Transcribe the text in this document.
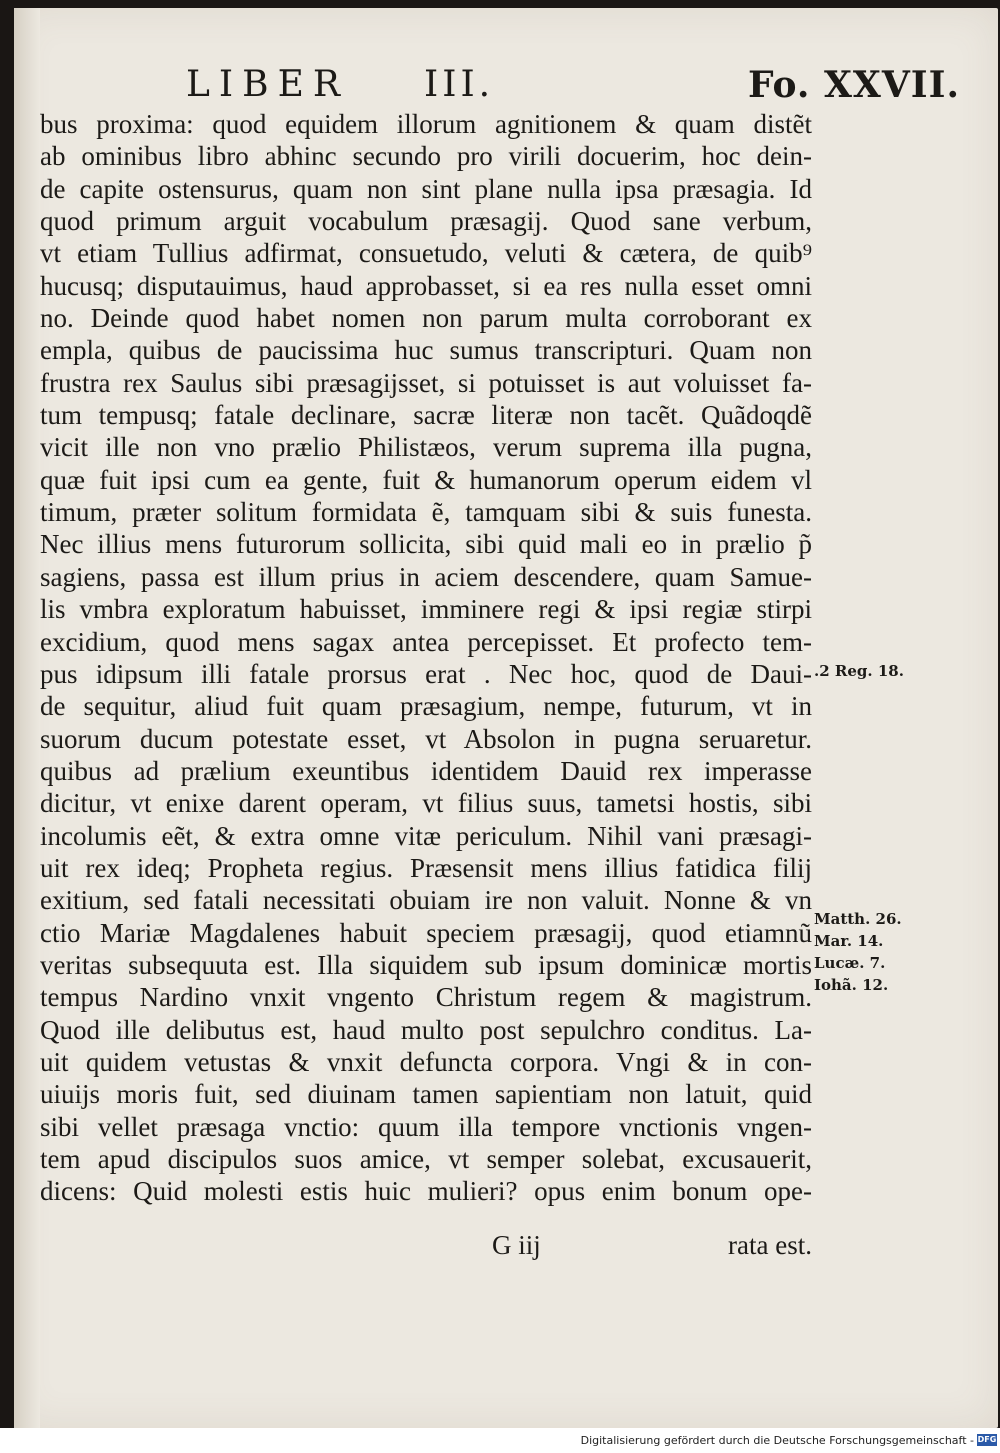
LIBER III.	Fo. XXVII.
bus proxima: quod equidem illorum agnitionem & quam distẽt
ab ominibus libro abhinc secundo pro virili docuerim, hoc dein-
de capite ostensurus, quam non sint plane nulla ipsa præsagia. Id
quod primum arguit vocabulum præsagij. Quod sane verbum,
vt etiam Tullius adfirmat, consuetudo, veluti & cætera, de quib⁹
hucusq; disputauimus, haud approbasset, si ea res nulla esset omni
no. Deinde quod habet nomen non parum multa corroborant ex
empla, quibus de paucissima huc sumus transcripturi. Quam non
frustra rex Saulus sibi præsagijsset, si potuisset is aut voluisset fa-
tum tempusq; fatale declinare, sacræ literæ non tacẽt. Quãdoqdẽ
vicit ille non vno prælio Philistæos, verum suprema illa pugna,
quæ fuit ipsi cum ea gente, fuit & humanorum operum eidem vl
timum, præter solitum formidata ẽ, tamquam sibi & suis funesta.
Nec illius mens futurorum sollicita, sibi quid mali eo in prælio p̃
sagiens, passa est illum prius in aciem descendere, quam Samue-
lis vmbra exploratum habuisset, imminere regi & ipsi regiæ stirpi
excidium, quod mens sagax antea percepisset. Et profecto tem-
pus idipsum illi fatale prorsus erat . Nec hoc, quod de Daui-
de sequitur, aliud fuit quam præsagium, nempe, futurum, vt in
suorum ducum potestate esset, vt Absolon in pugna seruaretur.
quibus ad prælium exeuntibus identidem Dauid rex imperasse
dicitur, vt enixe darent operam, vt filius suus, tametsi hostis, sibi
incolumis eẽt, & extra omne vitæ periculum. Nihil vani præsagi-
uit rex ideq; Propheta regius. Præsensit mens illius fatidica filij
exitium, sed fatali necessitati obuiam ire non valuit. Nonne & vn
ctio Mariæ Magdalenes habuit speciem præsagij, quod etiamnũ
veritas subsequuta est. Illa siquidem sub ipsum dominicæ mortis
tempus Nardino vnxit vngento Christum regem & magistrum.
Quod ille delibutus est, haud multo post sepulchro conditus. La-
uit quidem vetustas & vnxit defuncta corpora. Vngi & in con-
uiuijs moris fuit, sed diuinam tamen sapientiam non latuit, quid
sibi vellet præsaga vnctio: quum illa tempore vnctionis vngen-
tem apud discipulos suos amice, vt semper solebat, excusauerit,
dicens: Quid molesti estis huic mulieri? opus enim bonum ope-
G iij	rata est.
.2 Reg. 18.
Matth. 26.
Mar. 14.
Lucæ. 7.
Iohã. 12.
Digitalisierung gefördert durch die Deutsche Forschungsgemeinschaft - DFG
